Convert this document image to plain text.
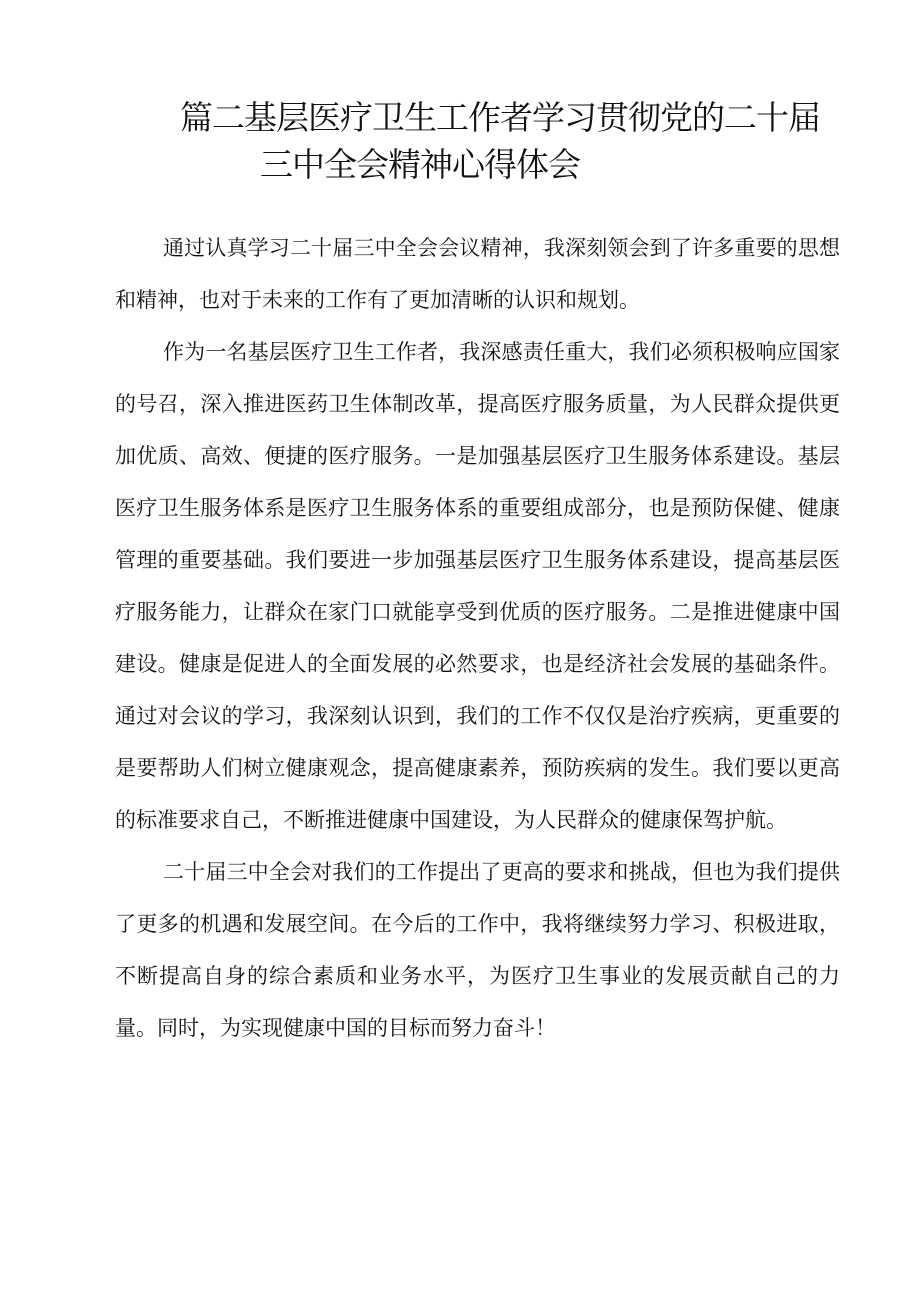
篇二基层医疗卫生工作者学习贯彻党的二十届
三中全会精神心得体会

通过认真学习二十届三中全会会议精神，我深刻领会到了许多重要的思想和精神，也对于未来的工作有了更加清晰的认识和规划。

作为一名基层医疗卫生工作者，我深感责任重大，我们必须积极响应国家的号召，深入推进医药卫生体制改革，提高医疗服务质量，为人民群众提供更加优质、高效、便捷的医疗服务。一是加强基层医疗卫生服务体系建设。基层医疗卫生服务体系是医疗卫生服务体系的重要组成部分，也是预防保健、健康管理的重要基础。我们要进一步加强基层医疗卫生服务体系建设，提高基层医疗服务能力，让群众在家门口就能享受到优质的医疗服务。二是推进健康中国建设。健康是促进人的全面发展的必然要求，也是经济社会发展的基础条件。通过对会议的学习，我深刻认识到，我们的工作不仅仅是治疗疾病，更重要的是要帮助人们树立健康观念，提高健康素养，预防疾病的发生。我们要以更高的标准要求自己，不断推进健康中国建设，为人民群众的健康保驾护航。

二十届三中全会对我们的工作提出了更高的要求和挑战，但也为我们提供了更多的机遇和发展空间。在今后的工作中，我将继续努力学习、积极进取，不断提高自身的综合素质和业务水平，为医疗卫生事业的发展贡献自己的力量。同时，为实现健康中国的目标而努力奋斗！
